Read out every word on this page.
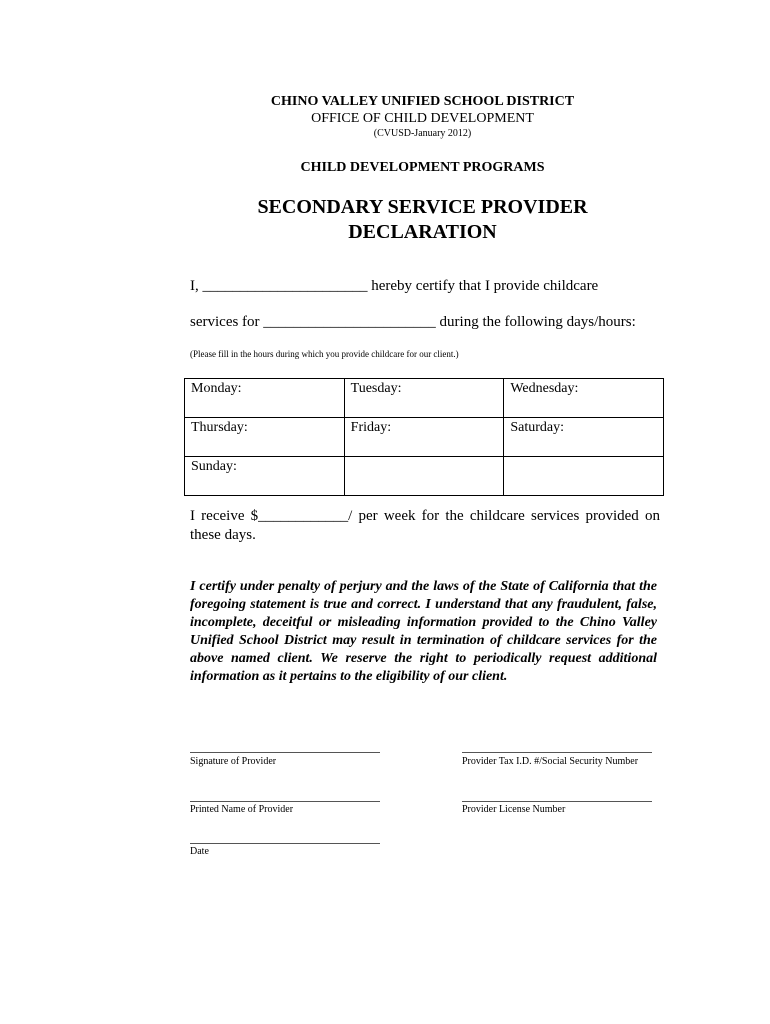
CHINO VALLEY UNIFIED SCHOOL DISTRICT
OFFICE OF CHILD DEVELOPMENT
(CVUSD-January 2012)
CHILD DEVELOPMENT PROGRAMS
SECONDARY SERVICE PROVIDER
DECLARATION
I, ______________________ hereby certify that I provide childcare
services for _______________________ during the following days/hours:
(Please fill in the hours during which you provide childcare for our client.)
Monday:	Tuesday:	Wednesday:
Thursday:	Friday:	Saturday:
Sunday:		
I receive $____________/ per week for the childcare services provided on these days.
I certify under penalty of perjury and the laws of the State of California that the foregoing statement is true and correct. I understand that any fraudulent, false, incomplete, deceitful or misleading information provided to the Chino Valley Unified School District may result in termination of childcare services for the above named client. We reserve the right to periodically request additional information as it pertains to the eligibility of our client.
Signature of Provider	Provider Tax I.D. #/Social Security Number
Printed Name of Provider	Provider License Number
Date
